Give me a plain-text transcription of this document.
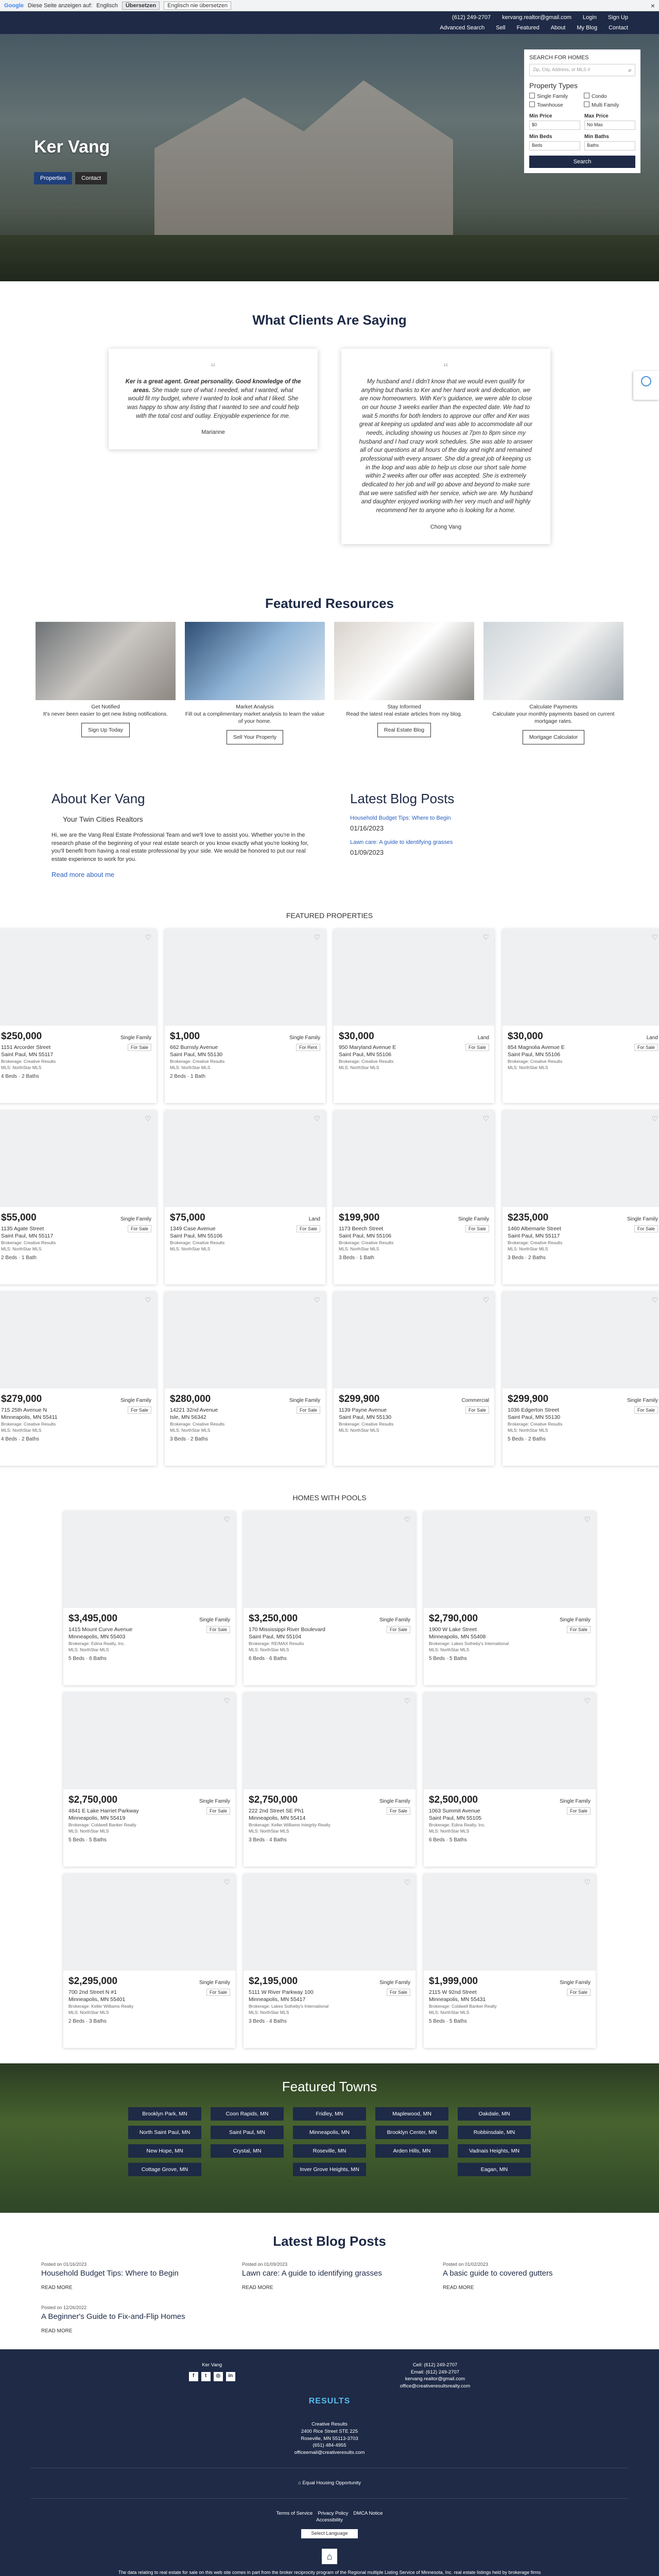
Google Diese Seite anzeigen auf: Englisch	Übersetzen	Englisch nie übersetzen	×
(612) 249-2707 kervang.realtor@gmail.com Login Sign Up
Advanced Search Sell Featured About My Blog Contact
Ker Vang
Properties	Contact
SEARCH FOR HOMES
Zip, City, Address, or MLS #	⌕
Property Types
Single Family	Condo
Townhouse	Multi Family
Min Price
$0
Max Price
No Max
Min Beds
Beds
Min Baths
Baths
Search
What Clients Are Saying
“
Ker is a great agent. Great personality. Good knowledge of the areas. She made sure of what I needed, what I wanted, what would fit my budget, where I wanted to look and what I liked. She was happy to show any listing that I wanted to see and could help with the total cost and outlay. Enjoyable experience for me.
Marianne
“
My husband and I didn't know that we would even qualify for anything but thanks to Ker and her hard work and dedication, we are now homeowners. With Ker's guidance, we were able to close on our house 3 weeks earlier than the expected date. We had to wait 5 months for both lenders to approve our offer and Ker was great at keeping us updated and was able to accommodate all our needs, including showing us houses at 7pm to 8pm since my husband and I had crazy work schedules. She was able to answer all of our questions at all hours of the day and night and remained professional with every answer. She did a great job of keeping us in the loop and was able to help us close our short sale home within 2 weeks after our offer was accepted. She is extremely dedicated to her job and will go above and beyond to make sure that we were satisfied with her service, which we are. My husband and daughter enjoyed working with her very much and will highly recommend her to anyone who is looking for a home.
Chong Vang
Featured Resources
Get Notified
It's never been easier to get new listing notifications.
Sign Up Today
Market Analysis
Fill out a complimentary market analysis to learn the value of your home.
Sell Your Property
Stay Informed
Read the latest real estate articles from my blog.
Real Estate Blog
Calculate Payments
Calculate your monthly payments based on current mortgage rates.
Mortgage Calculator
About Ker Vang
Your Twin Cities Realtors

Hi, we are the Vang Real Estate Professional Team and we'll love to assist you. Whether you're in the research phase of the beginning of your real estate search or you know exactly what you're looking for, you'll benefit from having a real estate professional by your side. We would be honored to put our real estate experience to work for you.

Read more about me
Latest Blog Posts
Household Budget Tips: Where to Begin
01/16/2023
Lawn care: A guide to identifying grasses
01/09/2023
FEATURED PROPERTIES
♡
$250,000	Single Family
For Sale
1151 Arcorder Street
Saint Paul, MN 55117
Brokerage: Creative Results
MLS: NorthStar MLS
4 Beds · 2 Baths
♡
$1,000	Single Family
For Rent
662 Burnsly Avenue
Saint Paul, MN 55130
Brokerage: Creative Results
MLS: NorthStar MLS
2 Beds · 1 Bath
♡
$30,000	Land
For Sale
950 Maryland Avenue E
Saint Paul, MN 55106
Brokerage: Creative Results
MLS: NorthStar MLS
♡
$30,000	Land
For Sale
854 Magnolia Avenue E
Saint Paul, MN 55106
Brokerage: Creative Results
MLS: NorthStar MLS
♡
$55,000	Single Family
For Sale
1135 Agate Street
Saint Paul, MN 55117
Brokerage: Creative Results
MLS: NorthStar MLS
2 Beds · 1 Bath
♡
$75,000	Land
For Sale
1349 Case Avenue
Saint Paul, MN 55106
Brokerage: Creative Results
MLS: NorthStar MLS
♡
$199,900	Single Family
For Sale
1173 Beech Street
Saint Paul, MN 55106
Brokerage: Creative Results
MLS: NorthStar MLS
3 Beds · 1 Bath
♡
$235,000	Single Family
For Sale
1460 Albemarle Street
Saint Paul, MN 55117
Brokerage: Creative Results
MLS: NorthStar MLS
3 Beds · 2 Baths
♡
$279,000	Single Family
For Sale
715 25th Avenue N
Minneapolis, MN 55411
Brokerage: Creative Results
MLS: NorthStar MLS
4 Beds · 2 Baths
♡
$280,000	Single Family
For Sale
14221 32nd Avenue
Isle, MN 56342
Brokerage: Creative Results
MLS: NorthStar MLS
3 Beds · 2 Baths
♡
$299,900	Commercial
For Sale
1139 Payne Avenue
Saint Paul, MN 55130
Brokerage: Creative Results
MLS: NorthStar MLS
♡
$299,900	Single Family
For Sale
1036 Edgerton Street
Saint Paul, MN 55130
Brokerage: Creative Results
MLS: NorthStar MLS
5 Beds · 2 Baths
HOMES WITH POOLS
♡
$3,495,000	Single Family
For Sale
1415 Mount Curve Avenue
Minneapolis, MN 55403
Brokerage: Edina Realty, Inc.
MLS: NorthStar MLS
5 Beds · 6 Baths
♡
$3,250,000	Single Family
For Sale
170 Mississippi River Boulevard
Saint Paul, MN 55104
Brokerage: RE/MAX Results
MLS: NorthStar MLS
6 Beds · 6 Baths
♡
$2,790,000	Single Family
For Sale
1900 W Lake Street
Minneapolis, MN 55408
Brokerage: Lakes Sotheby's International
MLS: NorthStar MLS
5 Beds · 5 Baths
♡
$2,750,000	Single Family
For Sale
4841 E Lake Harriet Parkway
Minneapolis, MN 55419
Brokerage: Coldwell Banker Realty
MLS: NorthStar MLS
5 Beds · 5 Baths
♡
$2,750,000	Single Family
For Sale
222 2nd Street SE Ph1
Minneapolis, MN 55414
Brokerage: Keller Williams Integrity Realty
MLS: NorthStar MLS
3 Beds · 4 Baths
♡
$2,500,000	Single Family
For Sale
1063 Summit Avenue
Saint Paul, MN 55105
Brokerage: Edina Realty, Inc.
MLS: NorthStar MLS
6 Beds · 5 Baths
♡
$2,295,000	Single Family
For Sale
700 2nd Street N #1
Minneapolis, MN 55401
Brokerage: Keller Williams Realty
MLS: NorthStar MLS
2 Beds · 3 Baths
♡
$2,195,000	Single Family
For Sale
5111 W River Parkway 100
Minneapolis, MN 55417
Brokerage: Lakes Sotheby's International
MLS: NorthStar MLS
3 Beds · 4 Baths
♡
$1,999,000	Single Family
For Sale
2115 W 92nd Street
Minneapolis, MN 55431
Brokerage: Coldwell Banker Realty
MLS: NorthStar MLS
5 Beds · 5 Baths
Featured Towns
Brooklyn Park, MN	Coon Rapids, MN	Fridley, MN	Maplewood, MN	Oakdale, MN
North Saint Paul, MN	Saint Paul, MN	Minneapolis, MN	Brooklyn Center, MN	Robbinsdale, MN
New Hope, MN	Crystal, MN	Roseville, MN	Arden Hills, MN	Vadnais Heights, MN
Cottage Grove, MN	Inver Grove Heights, MN	Eagan, MN
Latest Blog Posts
Posted on 01/16/2023
Household Budget Tips: Where to Begin
READ MORE
Posted on 01/09/2023
Lawn care: A guide to identifying grasses
READ MORE
Posted on 01/02/2023
A basic guide to covered gutters
READ MORE
Posted on 12/26/2022
A Beginner's Guide to Fix-and-Flip Homes
READ MORE
Ker Vang
f	t	◎	in
Cell: (612) 249-2707
Email: (612) 249-2707
kervang.realtor@gmail.com
office@creativeresultsrealty.com
RESULTS
Creative Results
2400 Rice Street STE 225
Roseville, MN 55113-3703
(651) 484-4955
officeemail@creativeresults.com
⌂ Equal Housing Opportunity
Terms of Service Privacy Policy DMCA Notice
Accessibility
Select Language
⌂
The data relating to real estate for sale on this web site comes in part from the broker reciprocity program of the Regional multiple Listing Service of Minnesota, Inc. real estate listings held by brokerage firms
